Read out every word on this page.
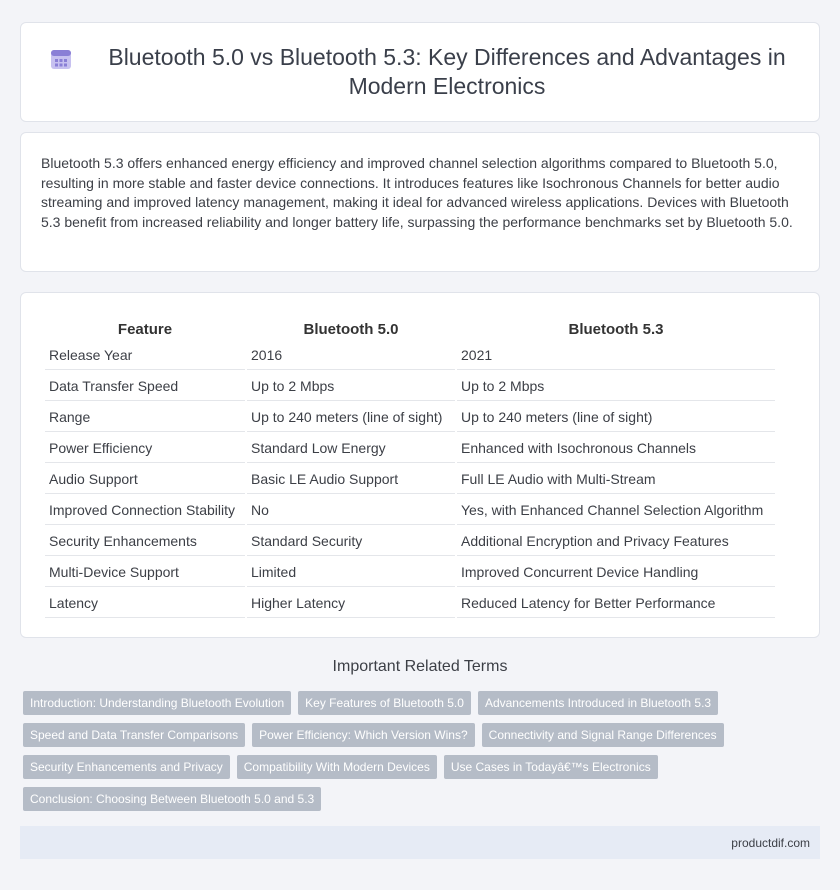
Bluetooth 5.0 vs Bluetooth 5.3: Key Differences and Advantages in Modern Electronics

Bluetooth 5.3 offers enhanced energy efficiency and improved channel selection algorithms compared to Bluetooth 5.0, resulting in more stable and faster device connections. It introduces features like Isochronous Channels for better audio streaming and improved latency management, making it ideal for advanced wireless applications. Devices with Bluetooth 5.3 benefit from increased reliability and longer battery life, surpassing the performance benchmarks set by Bluetooth 5.0.

Feature	Bluetooth 5.0	Bluetooth 5.3
Release Year	2016	2021
Data Transfer Speed	Up to 2 Mbps	Up to 2 Mbps
Range	Up to 240 meters (line of sight)	Up to 240 meters (line of sight)
Power Efficiency	Standard Low Energy	Enhanced with Isochronous Channels
Audio Support	Basic LE Audio Support	Full LE Audio with Multi-Stream
Improved Connection Stability	No	Yes, with Enhanced Channel Selection Algorithm
Security Enhancements	Standard Security	Additional Encryption and Privacy Features
Multi-Device Support	Limited	Improved Concurrent Device Handling
Latency	Higher Latency	Reduced Latency for Better Performance
Important Related Terms
Introduction: Understanding Bluetooth Evolution	Key Features of Bluetooth 5.0	Advancements Introduced in Bluetooth 5.3
Speed and Data Transfer Comparisons	Power Efficiency: Which Version Wins?	Connectivity and Signal Range Differences
Security Enhancements and Privacy	Compatibility With Modern Devices	Use Cases in Todayâ€™s Electronics
Conclusion: Choosing Between Bluetooth 5.0 and 5.3
productdif.com
